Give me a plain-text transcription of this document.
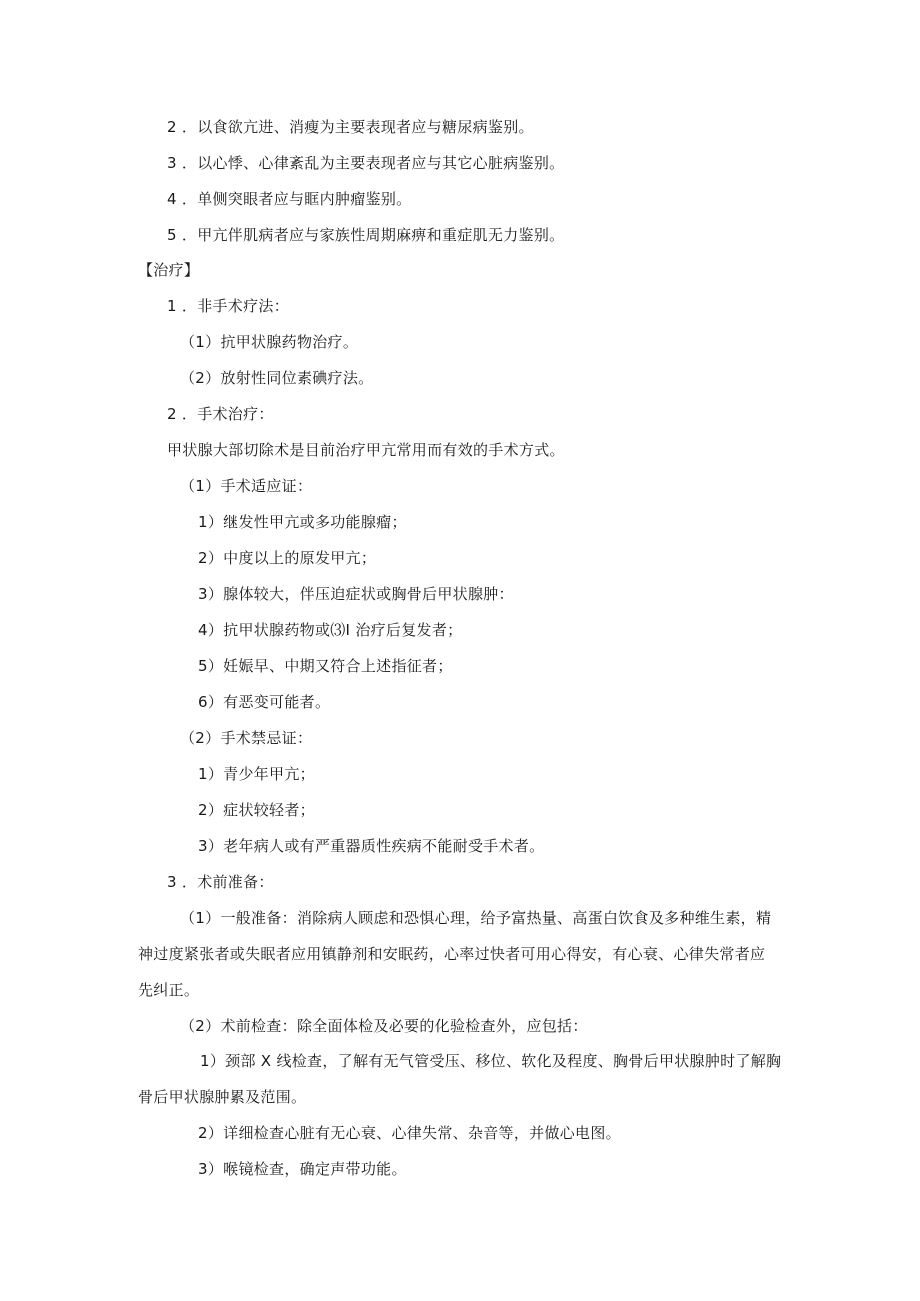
2 ．以食欲亢进、消瘦为主要表现者应与糖尿病鉴别。
3 ．以心悸、心律紊乱为主要表现者应与其它心脏病鉴别。
4 ．单侧突眼者应与眶内肿瘤鉴别。
5 ．甲亢伴肌病者应与家族性周期麻痹和重症肌无力鉴别。
【治疗】
1 ．非手术疗法：
（1）抗甲状腺药物治疗。
（2）放射性同位素碘疗法。
2 ．手术治疗：
甲状腺大部切除术是目前治疗甲亢常用而有效的手术方式。
（1）手术适应证：
1）继发性甲亢或多功能腺瘤；
2）中度以上的原发甲亢；
3）腺体较大，伴压迫症状或胸骨后甲状腺肿：
4）抗甲状腺药物或⑶I 治疗后复发者；
5）妊娠早、中期又符合上述指征者；
6）有恶变可能者。
（2）手术禁忌证：
1）青少年甲亢；
2）症状较轻者；
3）老年病人或有严重器质性疾病不能耐受手术者。
3 ．术前准备：
（1）一般准备：消除病人顾虑和恐惧心理，给予富热量、高蛋白饮食及多种维生素，精
神过度紧张者或失眠者应用镇静剂和安眠药，心率过快者可用心得安，有心衰、心律失常者应
先纠正。
（2）术前检查：除全面体检及必要的化验检查外，应包括：
1）颈部 X 线检查，了解有无气管受压、移位、软化及程度、胸骨后甲状腺肿时了解胸
骨后甲状腺肿累及范围。
2）详细检查心脏有无心衰、心律失常、杂音等，并做心电图。
3）喉镜检查，确定声带功能。
